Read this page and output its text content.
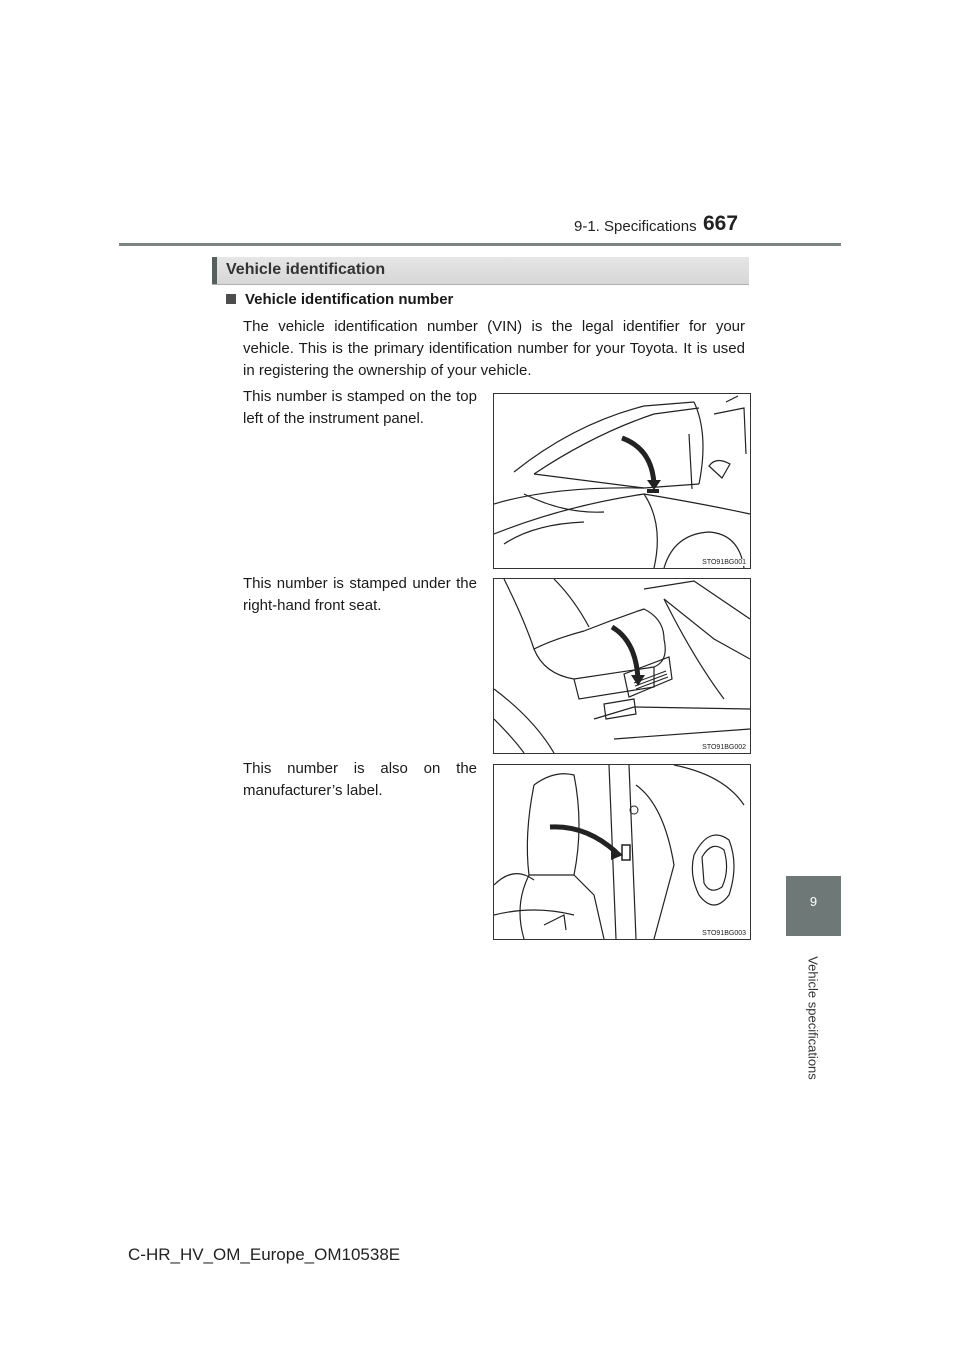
9-1. Specifications 667
Vehicle identification
Vehicle identification number
The vehicle identification number (VIN) is the legal identifier for your vehicle. This is the primary identification number for your Toyota. It is used in registering the ownership of your vehicle.
This number is stamped on the top left of the instrument panel.
STO91BG001
This number is stamped under the right-hand front seat.
STO91BG002
This number is also on the manufacturer’s label.
STO91BG003
9
Vehicle specifications
C-HR_HV_OM_Europe_OM10538E
